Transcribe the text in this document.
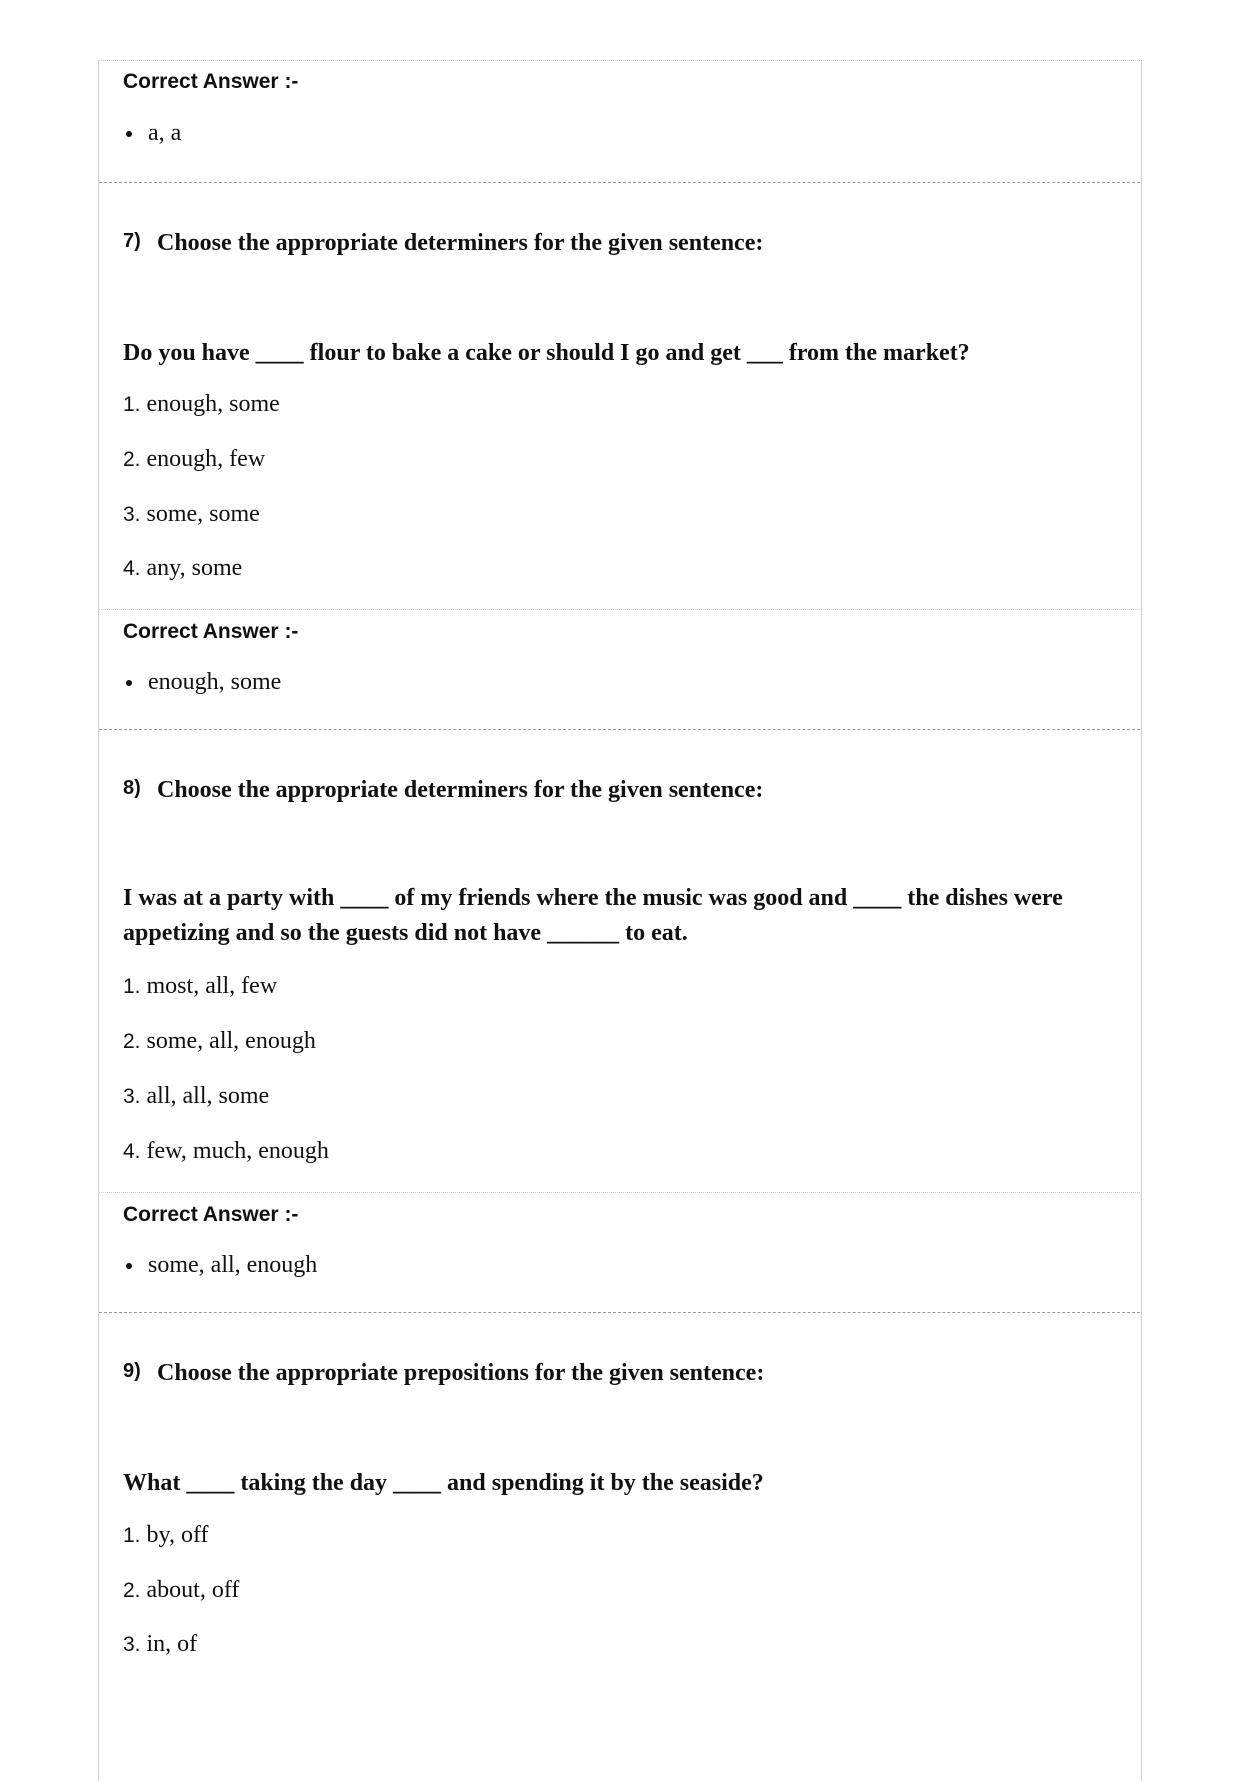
Correct Answer :-
a, a
7) Choose the appropriate determiners for the given sentence:
Do you have ____ flour to bake a cake or should I go and get ___ from the market?
1. enough, some
2. enough, few
3. some, some
4. any, some
Correct Answer :-
enough, some
8) Choose the appropriate determiners for the given sentence:
I was at a party with ____ of my friends where the music was good and ____ the dishes were appetizing and so the guests did not have ______ to eat.
1. most, all, few
2. some, all, enough
3. all, all, some
4. few, much, enough
Correct Answer :-
some, all, enough
9) Choose the appropriate prepositions for the given sentence:
What ____ taking the day ____ and spending it by the seaside?
1. by, off
2. about, off
3. in, of
